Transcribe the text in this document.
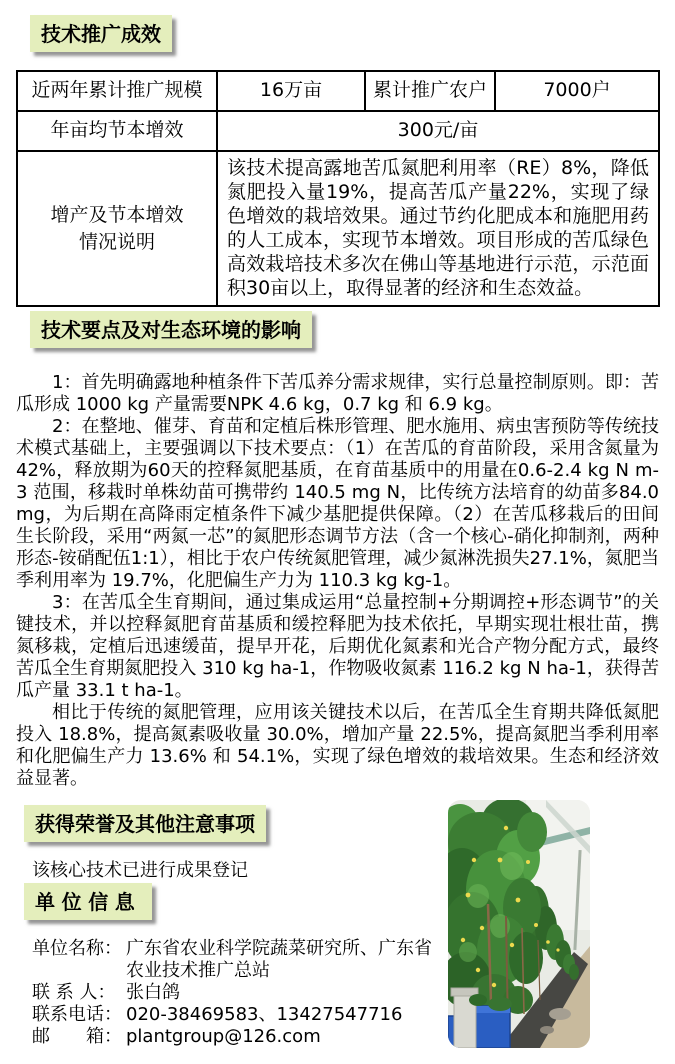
技术推广成效
近两年累计推广规模	16万亩	累计推广农户	7000户
年亩均节本增效	300元/亩		

增产及节本增效
情况说明	该技术提高露地苦瓜氮肥利用率（RE）8%，降低氮肥投入量19%，提高苦瓜产量22%，实现了绿色增效的栽培效果。通过节约化肥成本和施肥用药的人工成本，实现节本增效。项目形成的苦瓜绿色高效栽培技术多次在佛山等基地进行示范，示范面积30亩以上，取得显著的经济和生态效益。		
技术要点及对生态环境的影响

1：首先明确露地种植条件下苦瓜养分需求规律，实行总量控制原则。即：苦瓜形成 1000 kg 产量需要NPK 4.6 kg，0.7 kg 和 6.9 kg。

2：在整地、催芽、育苗和定植后株形管理、肥水施用、病虫害预防等传统技术模式基础上，主要强调以下技术要点：（1）在苦瓜的育苗阶段，采用含氮量为 42%，释放期为60天的控释氮肥基质，在育苗基质中的用量在0.6-2.4 kg N m-3 范围，移栽时单株幼苗可携带约 140.5 mg N，比传统方法培育的幼苗多84.0 mg，为后期在高降雨定植条件下减少基肥提供保障。（2）在苦瓜移栽后的田间生长阶段，采用“两氮一芯”的氮肥形态调节方法（含一个核心-硝化抑制剂，两种形态-铵硝配伍1:1），相比于农户传统氮肥管理，减少氮淋洗损失27.1%，氮肥当季利用率为 19.7%，化肥偏生产力为 110.3 kg kg-1。

3：在苦瓜全生育期间，通过集成运用“总量控制+分期调控+形态调节”的关键技术，并以控释氮肥育苗基质和缓控释肥为技术依托，早期实现壮根壮苗，携氮移栽，定植后迅速缓苗，提早开花，后期优化氮素和光合产物分配方式，最终苦瓜全生育期氮肥投入 310 kg ha-1，作物吸收氮素 116.2 kg N ha-1，获得苦瓜产量 33.1 t ha-1。

相比于传统的氮肥管理，应用该关键技术以后，在苦瓜全生育期共降低氮肥投入 18.8%，提高氮素吸收量 30.0%，增加产量 22.5%，提高氮肥当季利用率和化肥偏生产力 13.6% 和 54.1%，实现了绿色增效的栽培效果。生态和经济效益显著。

获得荣誉及其他注意事项
该核心技术已进行成果登记
单位信息
单位名称： 广东省农业科学院蔬菜研究所、广东省农业技术推广总站
联 系 人： 张白鸽
联系电话： 020-38469583、13427547716
邮　　箱： plantgroup@126.com
